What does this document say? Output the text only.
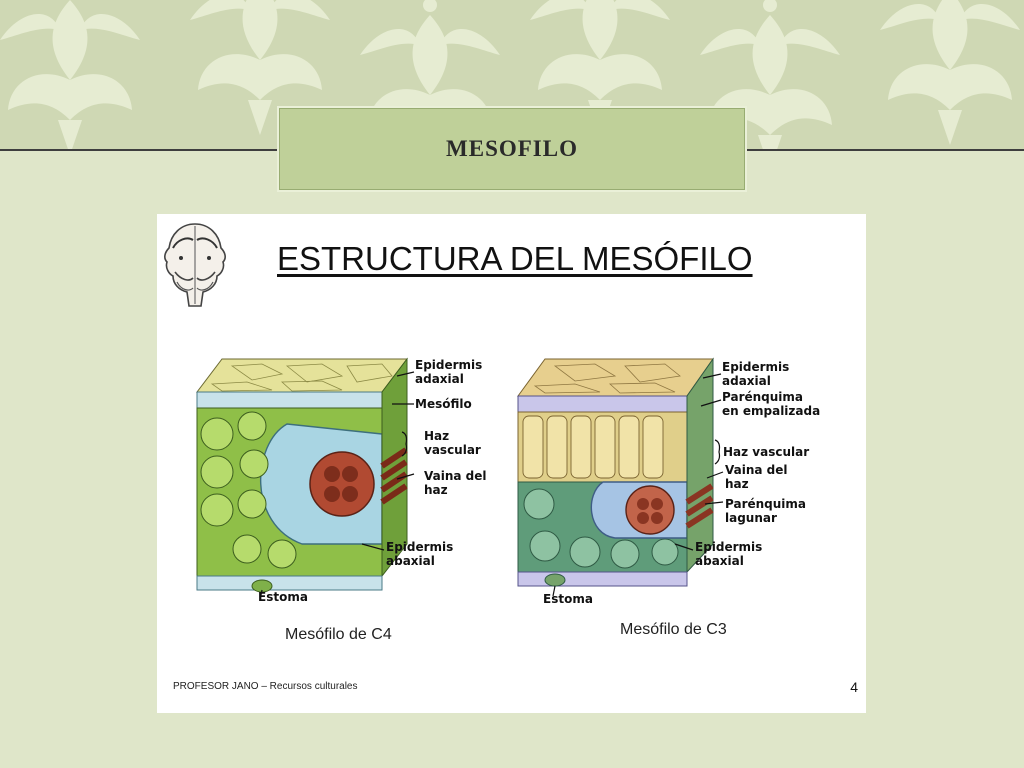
MESOFILO
ESTRUCTURA DEL MESÓFILO
Epidermis
adaxial
Mesófilo
Haz
vascular
Vaina del
haz
Epidermis
abaxial
Estoma
Epidermis
adaxial
Parénquima
en empalizada
Haz vascular
Vaina del
haz
Parénquima
lagunar
Epidermis
abaxial
Estoma
Mesófilo de C4	Mesófilo de C3
PROFESOR JANO – Recursos culturales	4
